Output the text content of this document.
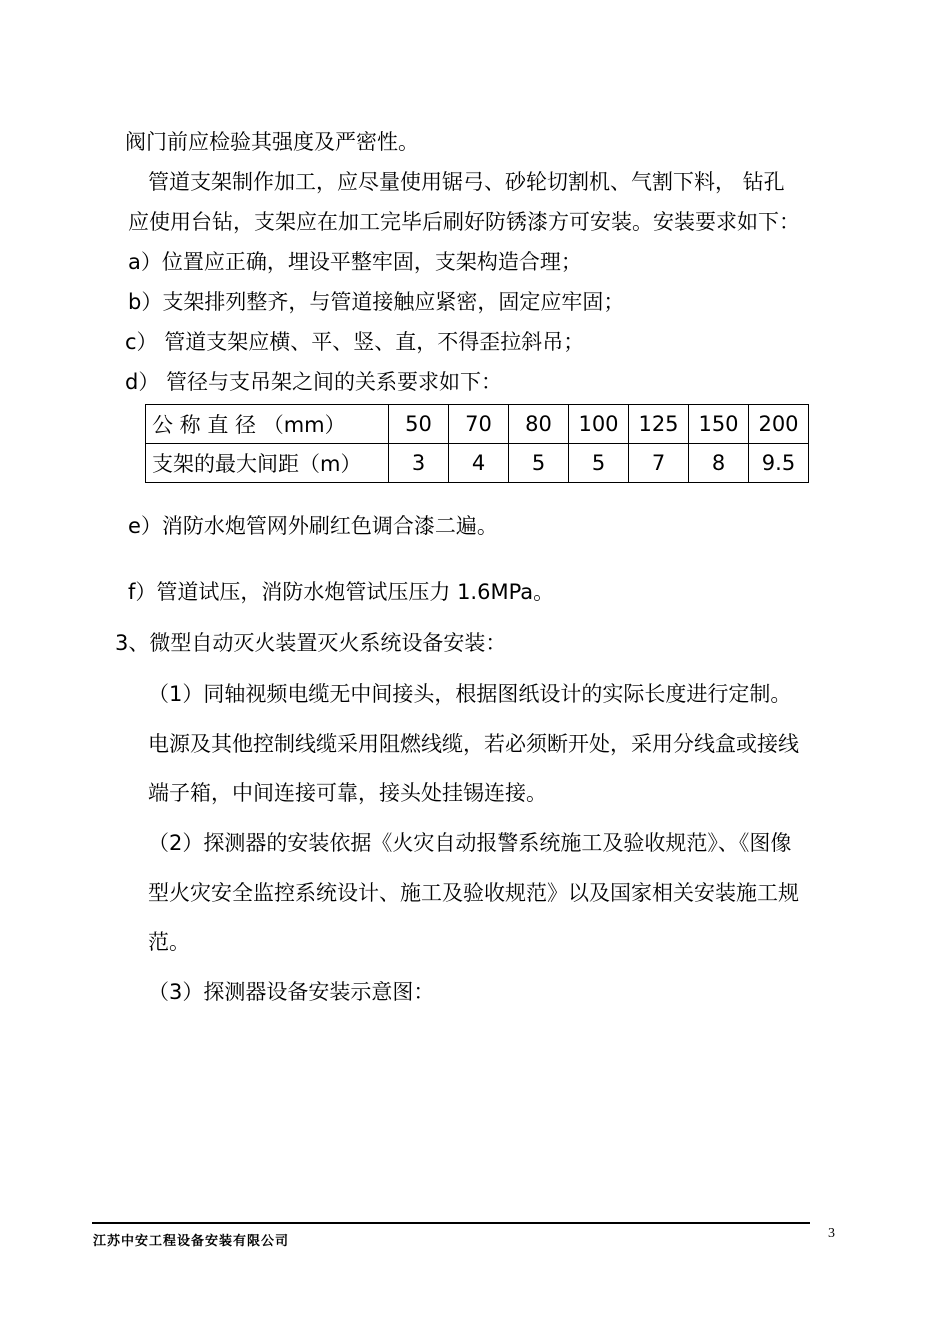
阀门前应检验其强度及严密性。
管道支架制作加工，应尽量使用锯弓、砂轮切割机、气割下料， 钻孔
应使用台钻，支架应在加工完毕后刷好防锈漆方可安装。安装要求如下：
a）位置应正确，埋设平整牢固，支架构造合理；
b）支架排列整齐，与管道接触应紧密，固定应牢固；
c） 管道支架应横、平、竖、直，不得歪拉斜吊；
d） 管径与支吊架之间的关系要求如下：
公 称 直 径 （mm）	50	70	80	100	125	150	200
支架的最大间距（m）	3	4	5	5	7	8	9.5
e）消防水炮管网外刷红色调合漆二遍。
f）管道试压，消防水炮管试压压力 1.6MPa。
3、微型自动灭火装置灭火系统设备安装：
（1）同轴视频电缆无中间接头，根据图纸设计的实际长度进行定制。
电源及其他控制线缆采用阻燃线缆，若必须断开处，采用分线盒或接线
端子箱，中间连接可靠，接头处挂锡连接。
（2）探测器的安装依据《火灾自动报警系统施工及验收规范》、《图像
型火灾安全监控系统设计、施工及验收规范》以及国家相关安装施工规
范。
（3）探测器设备安装示意图：
江苏中安工程设备安装有限公司
3
